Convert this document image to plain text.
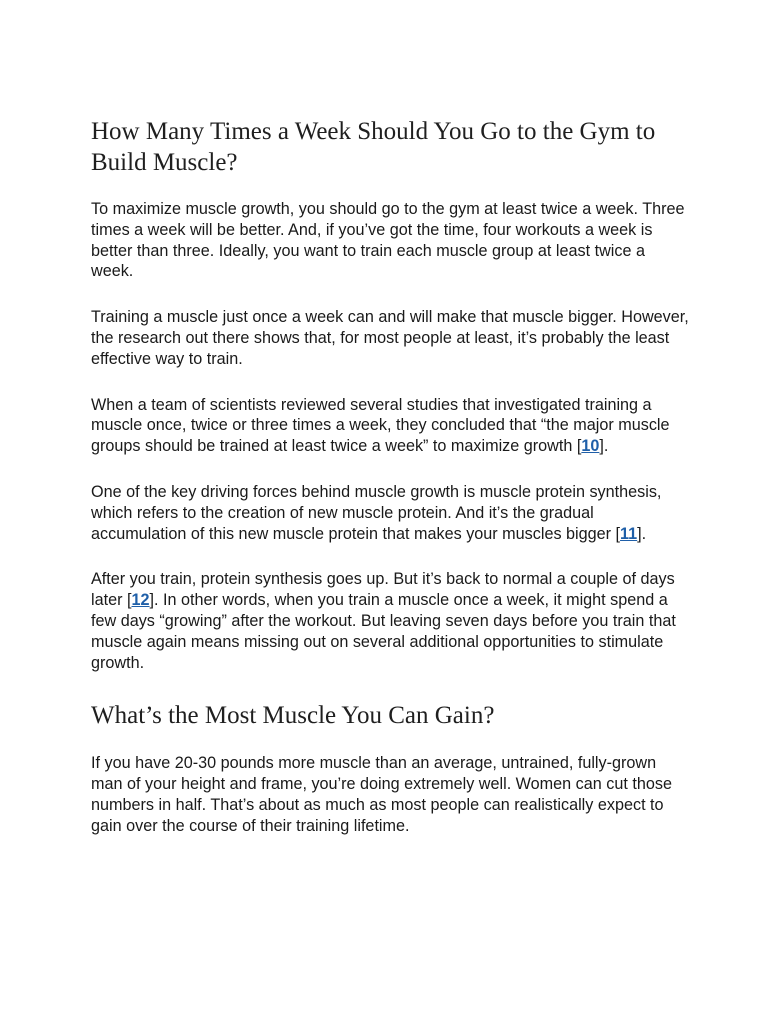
How Many Times a Week Should You Go to the Gym to Build Muscle?

To maximize muscle growth, you should go to the gym at least twice a week. Three times a week will be better. And, if you’ve got the time, four workouts a week is better than three. Ideally, you want to train each muscle group at least twice a week.

Training a muscle just once a week can and will make that muscle bigger. However, the research out there shows that, for most people at least, it’s probably the least effective way to train.

When a team of scientists reviewed several studies that investigated training a muscle once, twice or three times a week, they concluded that “the major muscle groups should be trained at least twice a week” to maximize growth [10].

One of the key driving forces behind muscle growth is muscle protein synthesis, which refers to the creation of new muscle protein. And it’s the gradual accumulation of this new muscle protein that makes your muscles bigger [11].

After you train, protein synthesis goes up. But it’s back to normal a couple of days later [12]. In other words, when you train a muscle once a week, it might spend a few days “growing” after the workout. But leaving seven days before you train that muscle again means missing out on several additional opportunities to stimulate growth.

What’s the Most Muscle You Can Gain?

If you have 20-30 pounds more muscle than an average, untrained, fully-grown man of your height and frame, you’re doing extremely well. Women can cut those numbers in half. That’s about as much as most people can realistically expect to gain over the course of their training lifetime.
